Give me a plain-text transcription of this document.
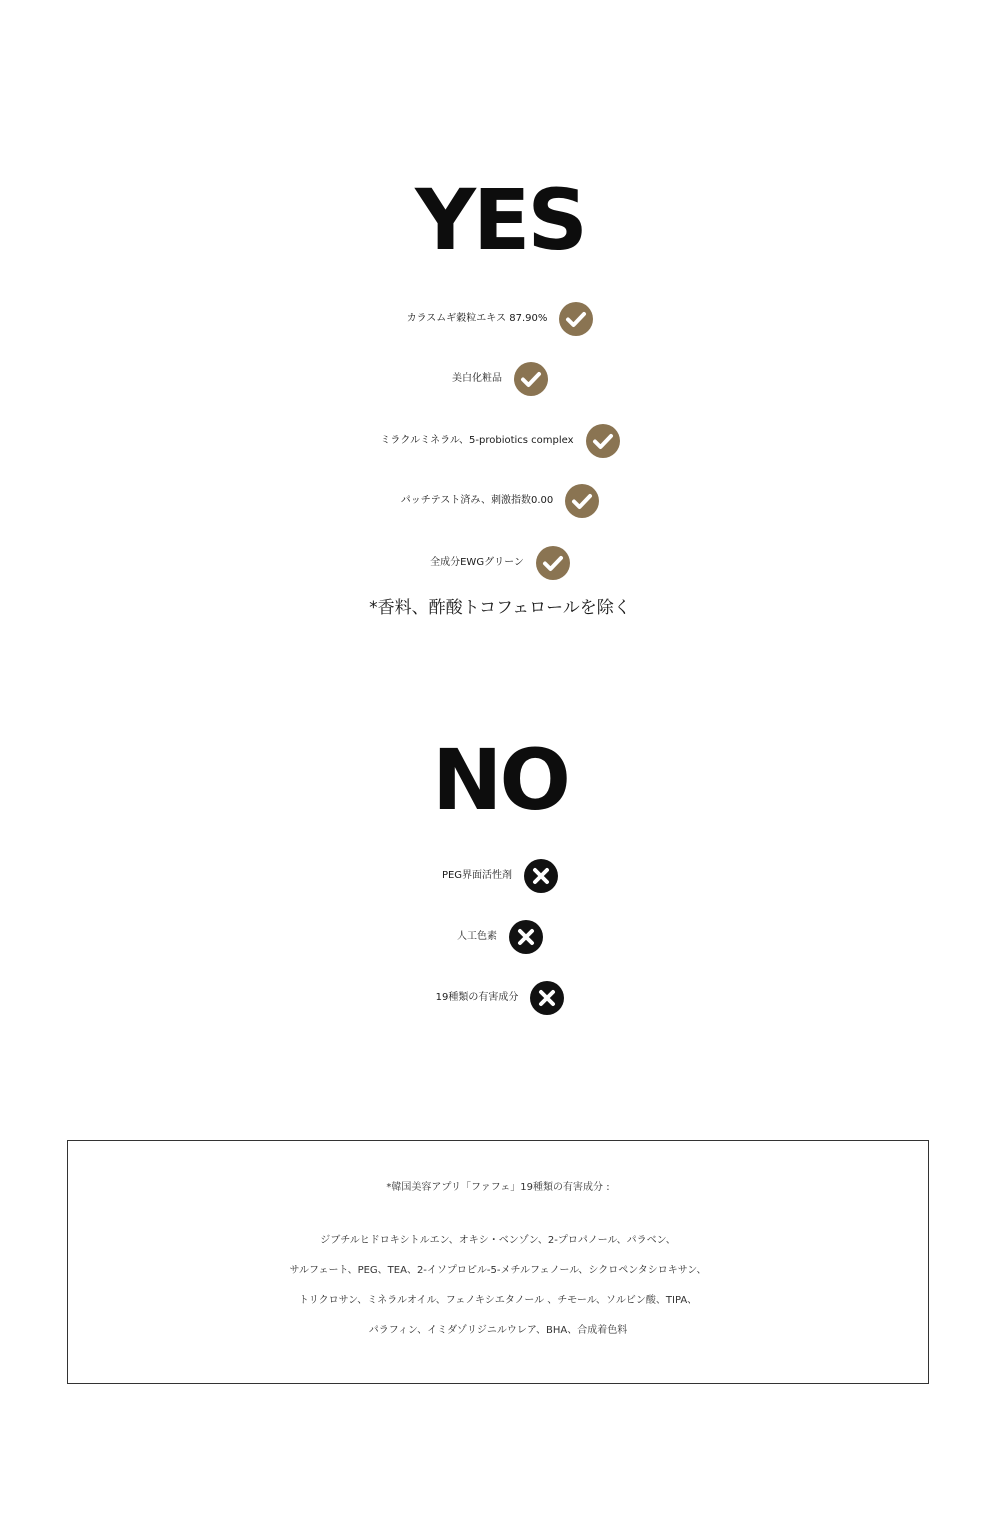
YES
カラスムギ穀粒エキス 87.90%
美白化粧品
ミラクルミネラル、5-probiotics complex
パッチテスト済み、刺激指数0.00
全成分EWGグリーン
*香料、酢酸トコフェロールを除く
NO
PEG界面活性剤
人工色素
19種類の有害成分
*韓国美容アプリ「ファフェ」19種類の有害成分 :
ジブチルヒドロキシトルエン、オキシ・ベンゾン、2-プロパノール、パラベン、
サルフェート、PEG、TEA、2-イソプロピル-5-メチルフェノール、シクロペンタシロキサン、
トリクロサン、ミネラルオイル、フェノキシエタノール 、チモール、ソルビン酸、TIPA、
パラフィン、イミダゾリジニルウレア、BHA、合成着色料
